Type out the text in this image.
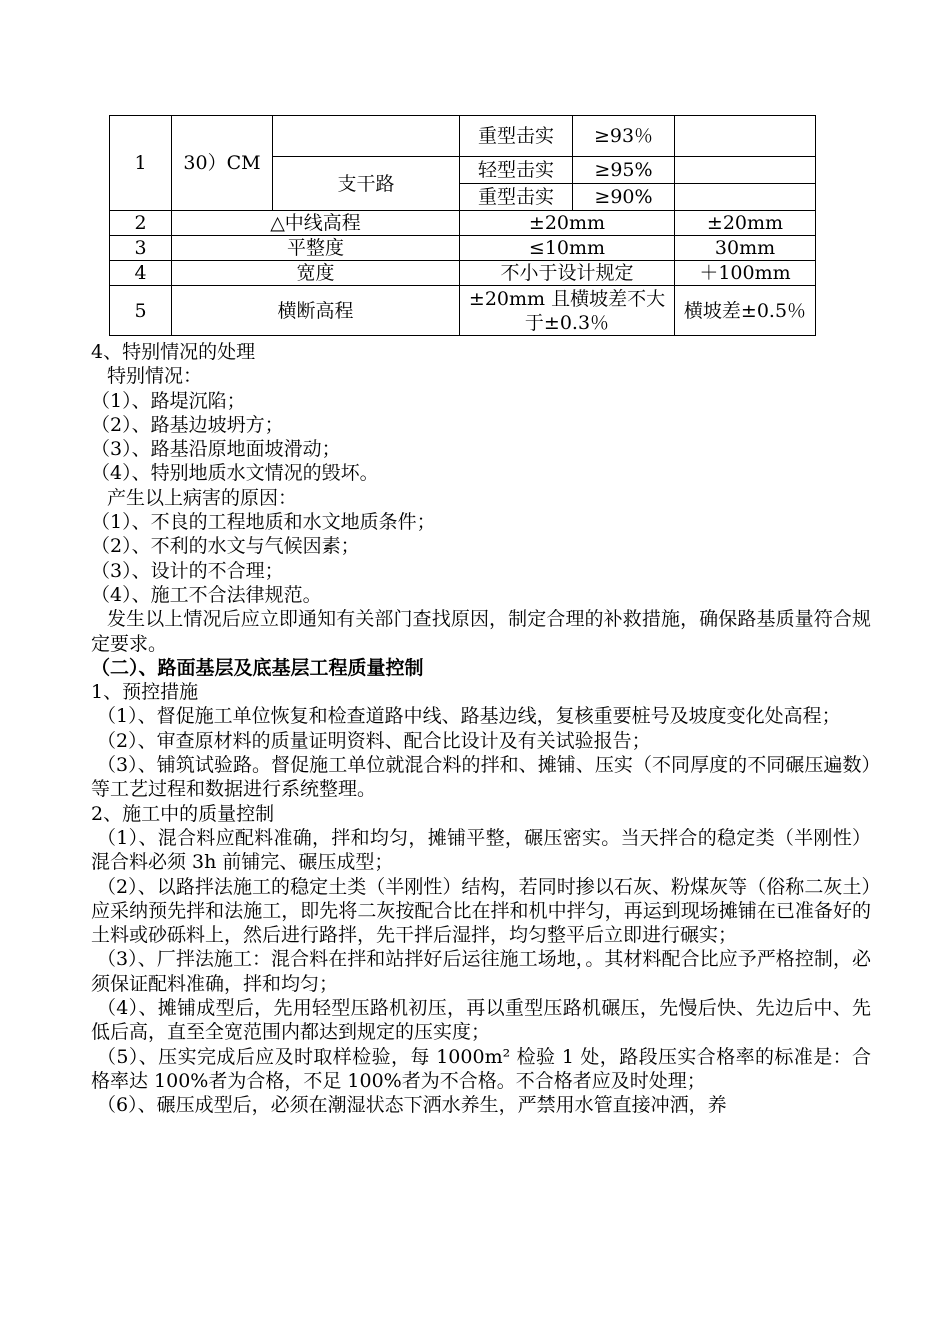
1	30）CM		重型击实	≥93％	
		支干路	轻型击实	≥95%	
			重型击实	≥90%	
2	△中线高程		±20mm		±20mm
3	平整度		≤10mm		30mm
4	宽度		不小于设计规定		＋100mm
5	横断高程		±20mm 且横坡差不大于±0.3％		横坡差±0.5％

4、特别情况的处理

特别情况：

（1）、路堤沉陷；

（2）、路基边坡坍方；

（3）、路基沿原地面坡滑动；

（4）、特别地质水文情况的毁坏。

产生以上病害的原因：

（1）、不良的工程地质和水文地质条件；

（2）、不利的水文与气候因素；

（3）、设计的不合理；

（4）、施工不合法律规范。

发生以上情况后应立即通知有关部门查找原因，制定合理的补救措施，确保路基质量符合规定要求。

（二）、路面基层及底基层工程质量控制

1、预控措施

（1）、督促施工单位恢复和检查道路中线、路基边线，复核重要桩号及坡度变化处高程；

（2）、审查原材料的质量证明资料、配合比设计及有关试验报告；

（3）、铺筑试验路。督促施工单位就混合料的拌和、摊铺、压实（不同厚度的不同碾压遍数）等工艺过程和数据进行系统整理。

2、施工中的质量控制

（1）、混合料应配料准确，拌和均匀，摊铺平整，碾压密实。当天拌合的稳定类（半刚性）混合料必须 3h 前铺完、碾压成型；

（2）、以路拌法施工的稳定土类（半刚性）结构，若同时掺以石灰、粉煤灰等（俗称二灰土）应采纳预先拌和法施工，即先将二灰按配合比在拌和机中拌匀，再运到现场摊铺在已准备好的土料或砂砾料上，然后进行路拌，先干拌后湿拌，均匀整平后立即进行碾实；

（3）、厂拌法施工：混合料在拌和站拌好后运往施工场地，。其材料配合比应予严格控制，必须保证配料准确，拌和均匀；

（4）、摊铺成型后，先用轻型压路机初压，再以重型压路机碾压，先慢后快、先边后中、先低后高，直至全宽范围内都达到规定的压实度；

（5）、压实完成后应及时取样检验，每 1000m² 检验 1 处，路段压实合格率的标准是：合格率达 100%者为合格，不足 100%者为不合格。不合格者应及时处理；

（6）、碾压成型后，必须在潮湿状态下洒水养生，严禁用水管直接冲洒，养
